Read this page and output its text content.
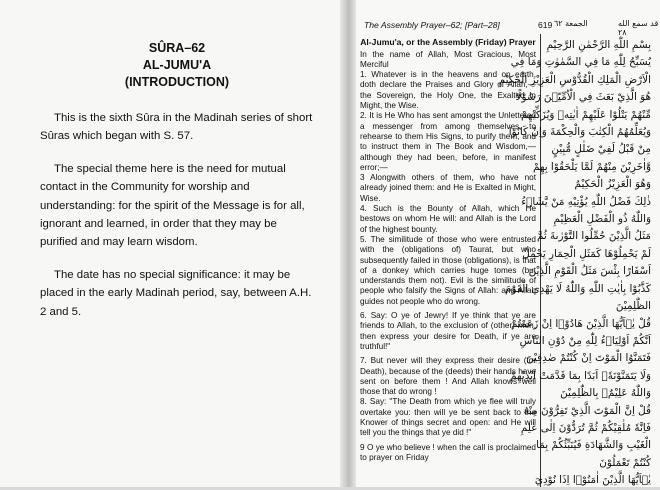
SÛRA–62

AL-JUMU'A

(INTRODUCTION)

This is the sixth Sûra in the Madinah series of short Sûras which began with S. 57.

The special theme here is the need for mutual contact in the Community for worship and understanding: for the spirit of the Message is for all, ignorant and learned, in order that they may be purified and may learn wisdom.

The date has no special significance: it may be placed in the early Madinah period, say, between A.H. 2 and 5.

The Assembly Prayer–62; [Part–28]	619 الجمعة ٦٢	قد سمع الله ٢٨

Al-Jumu'a, or the Assembly (Friday) Prayer

In the name of Allah, Most Gracious, Most Merciful

1. Whatever is in the heavens and on earth, doth declare the Praises and Glory of Allah,—the Sovereign, the Holy One, the Exalted in Might, the Wise.

2. It is He Who has sent amongst the Unlettered a messenger from among themselves, to rehearse to them His Signs, to purify them, and to instruct them in The Book and Wisdom,—although they had been, before, in manifest error;—

3 Alongwith others of them, who have not already joined them: and He is Exalted in Might, Wise.

4. Such is the Bounty of Allah, which He bestows on whom He will: and Allah is the Lord of the highest bounty.

5. The similitude of those who were entrusted with the (obligations of) Taurat, but who subsequently failed in those (obligations), is that of a donkey which carries huge tomes (but understands them not). Evil is the similitude of people who falsify the Signs of Allah: and Allah guides not people who do wrong.

6. Say: O ye of Jewry! If ye think that ye are friends to Allah, to the exclusion of (other) men, then express your desire for Death, if ye are truthful!"

7. But never will they express their desire (for Death), because of the (deeds) their hands have sent on before them ! And Allah knows well those that do wrong !

8. Say: "The Death from which ye flee will truly overtake you: then will ye be sent back to the Knower of things secret and open: and He will tell you the things that ye did !"

9 O ye who believe ! when the call is proclaimed to prayer on Friday

بِسْمِ اللّٰهِ الرَّحْمٰنِ الرَّحِيْمِ
يُسَبِّحُ لِلّٰهِ مَا فِي السَّمٰوٰتِ وَمَا فِي
الْاَرْضِ الْمَلِكِ الْقُدُّوْسِ الْعَزِيْزِ الْحَكِيْمِ
هُوَ الَّذِيْ بَعَثَ فِي الْاُمِّيّٖنَ رَسُوْلًا
مِّنْهُمْ يَتْلُوْا عَلَيْهِمْ اٰيٰتِهٖ وَيُزَكِّيْهِمْ
وَيُعَلِّمُهُمُ الْكِتٰبَ وَالْحِكْمَةَ وَاِنْ كَانُوْا
مِنْ قَبْلُ لَفِيْ ضَلٰلٍ مُّبِيْنٍ
وَّاٰخَرِيْنَ مِنْهُمْ لَمَّا يَلْحَقُوْا بِهِمْ
وَهُوَ الْعَزِيْزُ الْحَكِيْمُ
ذٰلِكَ فَضْلُ اللّٰهِ يُؤْتِيْهِ مَنْ يَّشَاۤءُ
وَاللّٰهُ ذُو الْفَضْلِ الْعَظِيْمِ
مَثَلُ الَّذِيْنَ حُمِّلُوا التَّوْرٰىةَ ثُمَّ
لَمْ يَحْمِلُوْهَا كَمَثَلِ الْحِمَارِ يَحْمِلُ
اَسْفَارًا بِئْسَ مَثَلُ الْقَوْمِ الَّذِيْنَ
كَذَّبُوْا بِاٰيٰتِ اللّٰهِ وَاللّٰهُ لَا يَهْدِي الْقَوْمَ
الظّٰلِمِيْنَ
قُلْ يٰۤاَيُّهَا الَّذِيْنَ هَادُوْۤا اِنْ زَعَمْتُمْ
اَنَّكُمْ اَوْلِيَاۤءُ لِلّٰهِ مِنْ دُوْنِ النَّاسِ
فَتَمَنَّوُا الْمَوْتَ اِنْ كُنْتُمْ صٰدِقِيْنَ
وَلَا يَتَمَنَّوْنَهٗۤ اَبَدًا بِمَا قَدَّمَتْ اَيْدِيْهِمْ
وَاللّٰهُ عَلِيْمٌۢ بِالظّٰلِمِيْنَ
قُلْ اِنَّ الْمَوْتَ الَّذِيْ تَفِرُّوْنَ مِنْهُ
فَاِنَّهٗ مُلٰقِيْكُمْ ثُمَّ تُرَدُّوْنَ اِلٰى عٰلِمِ
الْغَيْبِ وَالشَّهَادَةِ فَيُنَبِّئُكُمْ بِمَا
كُنْتُمْ تَعْمَلُوْنَ
يٰۤاَيُّهَا الَّذِيْنَ اٰمَنُوْۤا اِذَا نُوْدِيَ
